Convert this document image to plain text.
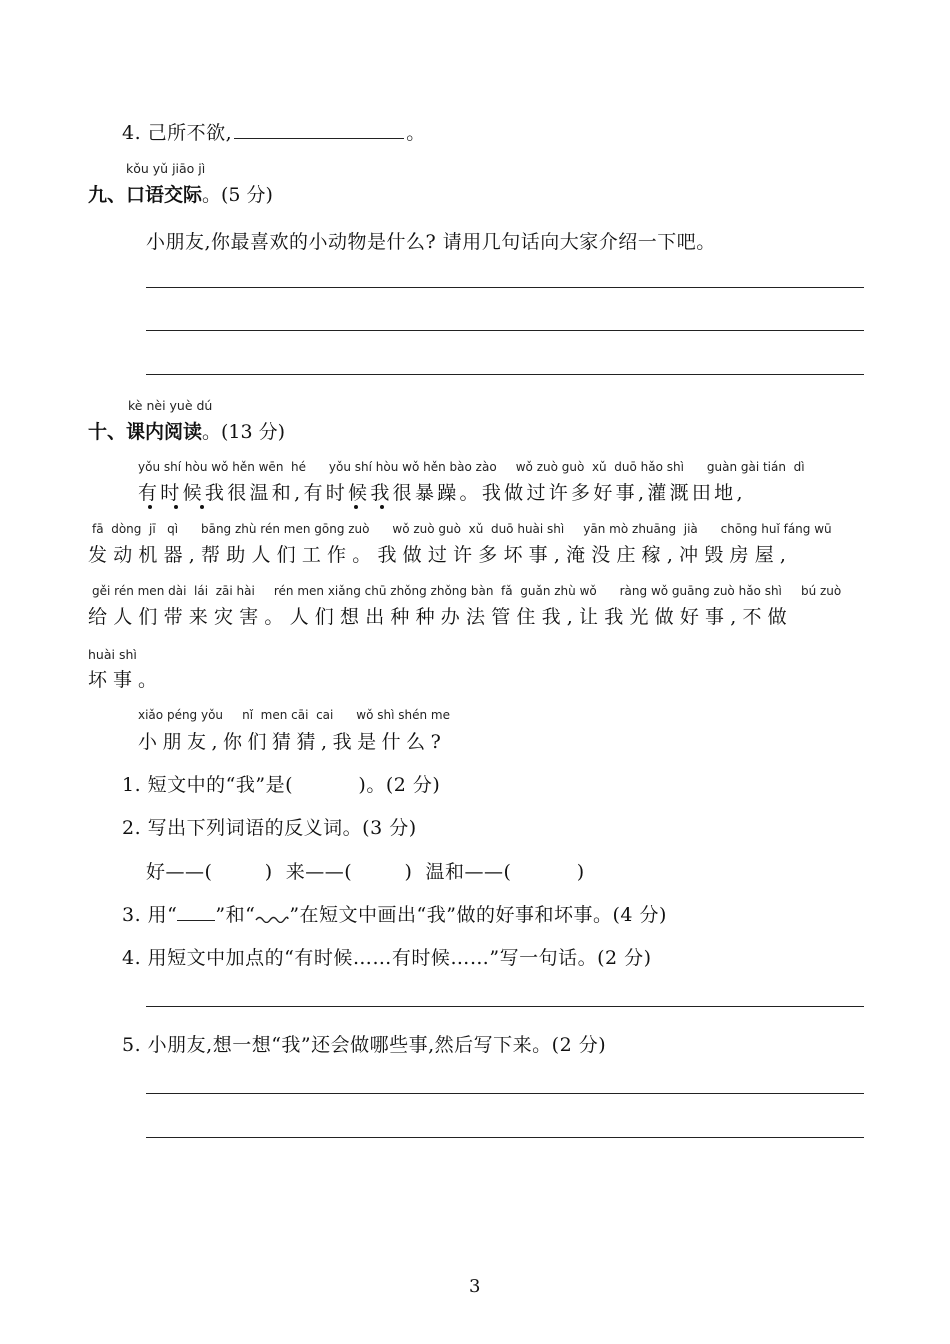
4. 己所不欲,	。
kǒu yǔ jiāo jì
九、口语交际。(5 分)
小朋友,你最喜欢的小动物是什么? 请用几句话向大家介绍一下吧。
kè nèi yuè dú
十、课内阅读。(13 分)
yǒu shí hòu wǒ hěn wēn  hé      yǒu shí hòu wǒ hěn bào zào     wǒ zuò guò  xǔ  duō hǎo shì      guàn gài tián  dì
有时候我很温和,有时候我很暴躁。我做过许多好事,灌溉田地,
fā  dòng  jī   qì      bāng zhù rén men gōng zuò      wǒ zuò guò  xǔ  duō huài shì     yān mò zhuāng  jià      chōng huǐ fáng wū
发动机器,帮助人们工作。我做过许多坏事,淹没庄稼,冲毁房屋,
gěi rén men dài  lái  zāi hài     rén men xiǎng chū zhǒng zhǒng bàn  fǎ  guǎn zhù wǒ      ràng wǒ guāng zuò hǎo shì     bú zuò
给人们带来灾害。人们想出种种办法管住我,让我光做好事,不做
huài shì
坏事。
xiǎo péng yǒu     nǐ  men cāi  cai      wǒ shì shén me
小朋友,你们猜猜,我是什么?
1. 短文中的“我”是(          )。(2 分)
2. 写出下列词语的反义词。(3 分)
好——(        )  来——(        )  温和——(          )
3. 用“ ”和“ ”在短文中画出“我”做的好事和坏事。(4 分)
4. 用短文中加点的“有时候……有时候……”写一句话。(2 分)
5. 小朋友,想一想“我”还会做哪些事,然后写下来。(2 分)
3
